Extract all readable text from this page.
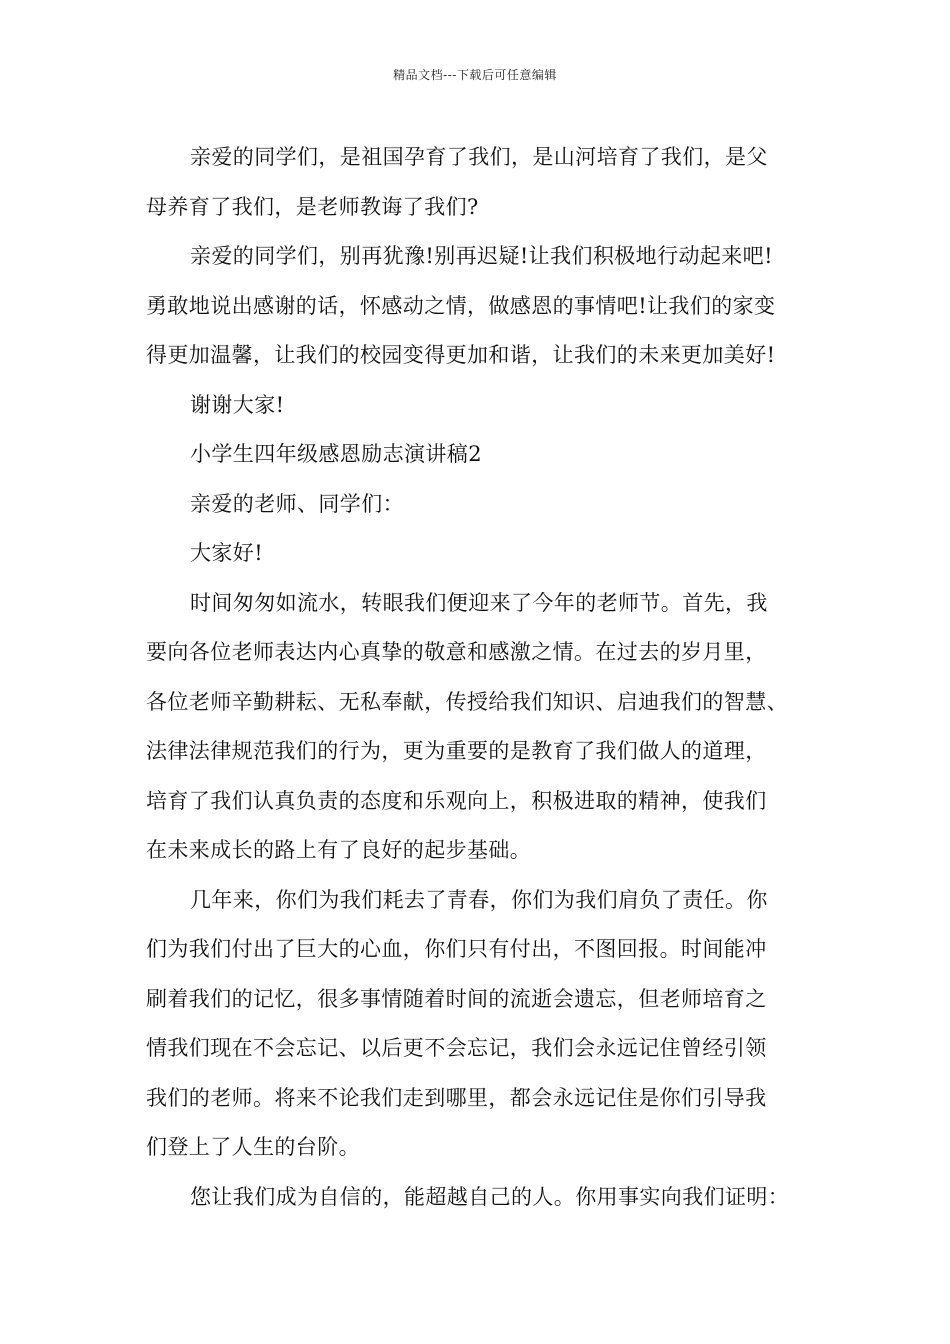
精品文档---下载后可任意编辑

亲爱的同学们，是祖国孕育了我们，是山河培育了我们，是父
母养育了我们，是老师教诲了我们?

亲爱的同学们，别再犹豫!别再迟疑!让我们积极地行动起来吧!
勇敢地说出感谢的话，怀感动之情，做感恩的事情吧!让我们的家变
得更加温馨，让我们的校园变得更加和谐，让我们的未来更加美好!

谢谢大家!

小学生四年级感恩励志演讲稿2

亲爱的老师、同学们：

大家好!

时间匆匆如流水，转眼我们便迎来了今年的老师节。首先，我
要向各位老师表达内心真挚的敬意和感激之情。在过去的岁月里，
各位老师辛勤耕耘、无私奉献，传授给我们知识、启迪我们的智慧、
法律法律规范我们的行为，更为重要的是教育了我们做人的道理，
培育了我们认真负责的态度和乐观向上，积极进取的精神，使我们
在未来成长的路上有了良好的起步基础。

几年来，你们为我们耗去了青春，你们为我们肩负了责任。你
们为我们付出了巨大的心血，你们只有付出，不图回报。时间能冲
刷着我们的记忆，很多事情随着时间的流逝会遗忘，但老师培育之
情我们现在不会忘记、以后更不会忘记，我们会永远记住曾经引领
我们的老师。将来不论我们走到哪里，都会永远记住是你们引导我
们登上了人生的台阶。

您让我们成为自信的，能超越自己的人。你用事实向我们证明：
